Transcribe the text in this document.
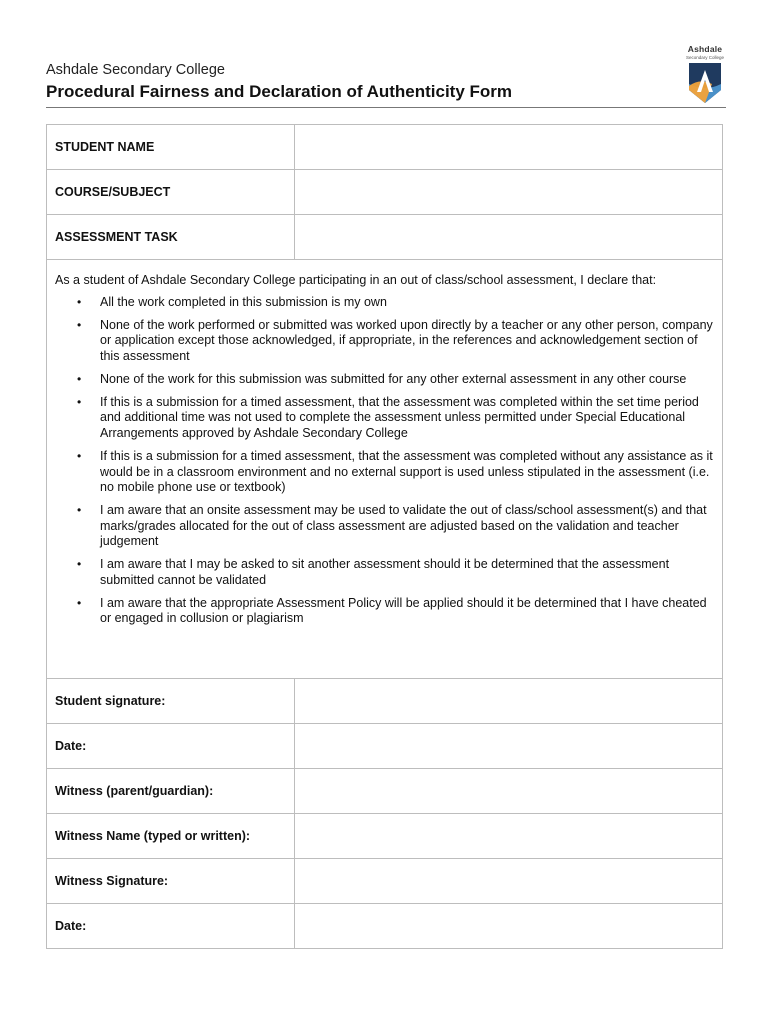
Ashdale Secondary College
Procedural Fairness and Declaration of Authenticity Form
Ashdale
Secondary College
STUDENT NAME	
COURSE/SUBJECT	
ASSESSMENT TASK	

As a student of Ashdale Secondary College participating in an out of class/school assessment, I declare that:

• All the work completed in this submission is my own
• None of the work performed or submitted was worked upon directly by a teacher or any other person, company or application except those acknowledged, if appropriate, in the references and acknowledgement section of this assessment
• None of the work for this submission was submitted for any other external assessment in any other course
• If this is a submission for a timed assessment, that the assessment was completed within the set time period and additional time was not used to complete the assessment unless permitted under Special Educational Arrangements approved by Ashdale Secondary College
• If this is a submission for a timed assessment, that the assessment was completed without any assistance as it would be in a classroom environment and no external support is used unless stipulated in the assessment (i.e. no mobile phone use or textbook)
• I am aware that an onsite assessment may be used to validate the out of class/school assessment(s) and that marks/grades allocated for the out of class assessment are adjusted based on the validation and teacher judgement
• I am aware that I may be asked to sit another assessment should it be determined that the assessment submitted cannot be validated
• I am aware that the appropriate Assessment Policy will be applied should it be determined that I have cheated or engaged in collusion or plagiarism
Student signature:	
Date:	
Witness (parent/guardian):	
Witness Name (typed or written):	
Witness Signature:	
Date:	
